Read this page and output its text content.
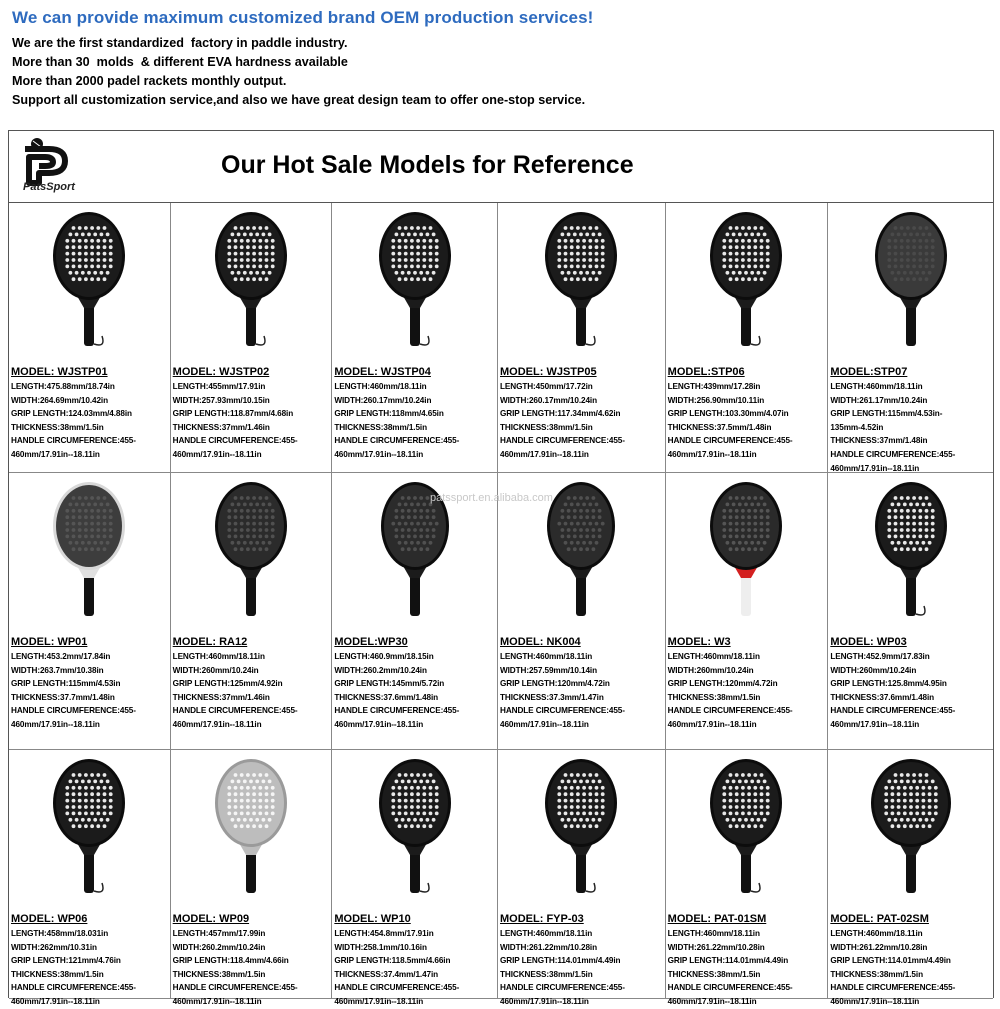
We can provide maximum customized brand OEM production services!
We are the first standardized  factory in paddle industry.
More than 30  molds  & different EVA hardness available
More than 2000 padel rackets monthly output.
Support all customization service,and also we have great design team to offer one-stop service.
PatsSport
Our Hot Sale Models for Reference
MODEL: WJSTP01
LENGTH:475.88mm/18.74in
WIDTH:264.69mm/10.42in
GRIP LENGTH:124.03mm/4.88in
THICKNESS:38mm/1.5in
HANDLE CIRCUMFERENCE:455-
460mm/17.91in--18.11in
MODEL: WJSTP02
LENGTH:455mm/17.91in
WIDTH:257.93mm/10.15in
GRIP LENGTH:118.87mm/4.68in
THICKNESS:37mm/1.46in
HANDLE CIRCUMFERENCE:455-
460mm/17.91in--18.11in
MODEL: WJSTP04
LENGTH:460mm/18.11in
WIDTH:260.17mm/10.24in
GRIP LENGTH:118mm/4.65in
THICKNESS:38mm/1.5in
HANDLE CIRCUMFERENCE:455-
460mm/17.91in--18.11in
MODEL: WJSTP05
LENGTH:450mm/17.72in
WIDTH:260.17mm/10.24in
GRIP LENGTH:117.34mm/4.62in
THICKNESS:38mm/1.5in
HANDLE CIRCUMFERENCE:455-
460mm/17.91in--18.11in
MODEL:STP06
LENGTH:439mm/17.28in
WIDTH:256.90mm/10.11in
GRIP LENGTH:103.30mm/4.07in
THICKNESS:37.5mm/1.48in
HANDLE CIRCUMFERENCE:455-
460mm/17.91in--18.11in
MODEL:STP07
LENGTH:460mm/18.11in
WIDTH:261.17mm/10.24in
GRIP LENGTH:115mm/4.53in-
135mm-4.52in
THICKNESS:37mm/1.48in
HANDLE CIRCUMFERENCE:455-
460mm/17.91in--18.11in
MODEL: WP01
LENGTH:453.2mm/17.84in
WIDTH:263.7mm/10.38in
GRIP LENGTH:115mm/4.53in
THICKNESS:37.7mm/1.48in
HANDLE CIRCUMFERENCE:455-
460mm/17.91in--18.11in
MODEL: RA12
LENGTH:460mm/18.11in
WIDTH:260mm/10.24in
GRIP LENGTH:125mm/4.92in
THICKNESS:37mm/1.46in
HANDLE CIRCUMFERENCE:455-
460mm/17.91in--18.11in
MODEL:WP30
LENGTH:460.9mm/18.15in
WIDTH:260.2mm/10.24in
GRIP LENGTH:145mm/5.72in
THICKNESS:37.6mm/1.48in
HANDLE CIRCUMFERENCE:455-
460mm/17.91in--18.11in
MODEL: NK004
LENGTH:460mm/18.11in
WIDTH:257.59mm/10.14in
GRIP LENGTH:120mm/4.72in
THICKNESS:37.3mm/1.47in
HANDLE CIRCUMFERENCE:455-
460mm/17.91in--18.11in
MODEL: W3
LENGTH:460mm/18.11in
WIDTH:260mm/10.24in
GRIP LENGTH:120mm/4.72in
THICKNESS:38mm/1.5in
HANDLE CIRCUMFERENCE:455-
460mm/17.91in--18.11in
MODEL: WP03
LENGTH:452.9mm/17.83in
WIDTH:260mm/10.24in
GRIP LENGTH:125.8mm/4.95in
THICKNESS:37.6mm/1.48in
HANDLE CIRCUMFERENCE:455-
460mm/17.91in--18.11in
MODEL: WP06
LENGTH:458mm/18.031in
WIDTH:262mm/10.31in
GRIP LENGTH:121mm/4.76in
THICKNESS:38mm/1.5in
HANDLE CIRCUMFERENCE:455-
460mm/17.91in--18.11in
MODEL: WP09
LENGTH:457mm/17.99in
WIDTH:260.2mm/10.24in
GRIP LENGTH:118.4mm/4.66in
THICKNESS:38mm/1.5in
HANDLE CIRCUMFERENCE:455-
460mm/17.91in--18.11in
MODEL: WP10
LENGTH:454.8mm/17.91in
WIDTH:258.1mm/10.16in
GRIP LENGTH:118.5mm/4.66in
THICKNESS:37.4mm/1.47in
HANDLE CIRCUMFERENCE:455-
460mm/17.91in--18.11in
MODEL: FYP-03
LENGTH:460mm/18.11in
WIDTH:261.22mm/10.28in
GRIP LENGTH:114.01mm/4.49in
THICKNESS:38mm/1.5in
HANDLE CIRCUMFERENCE:455-
460mm/17.91in--18.11in
MODEL: PAT-01SM
LENGTH:460mm/18.11in
WIDTH:261.22mm/10.28in
GRIP LENGTH:114.01mm/4.49in
THICKNESS:38mm/1.5in
HANDLE CIRCUMFERENCE:455-
460mm/17.91in--18.11in
MODEL: PAT-02SM
LENGTH:460mm/18.11in
WIDTH:261.22mm/10.28in
GRIP LENGTH:114.01mm/4.49in
THICKNESS:38mm/1.5in
HANDLE CIRCUMFERENCE:455-
460mm/17.91in--18.11in
patssport.en.alibaba.com
